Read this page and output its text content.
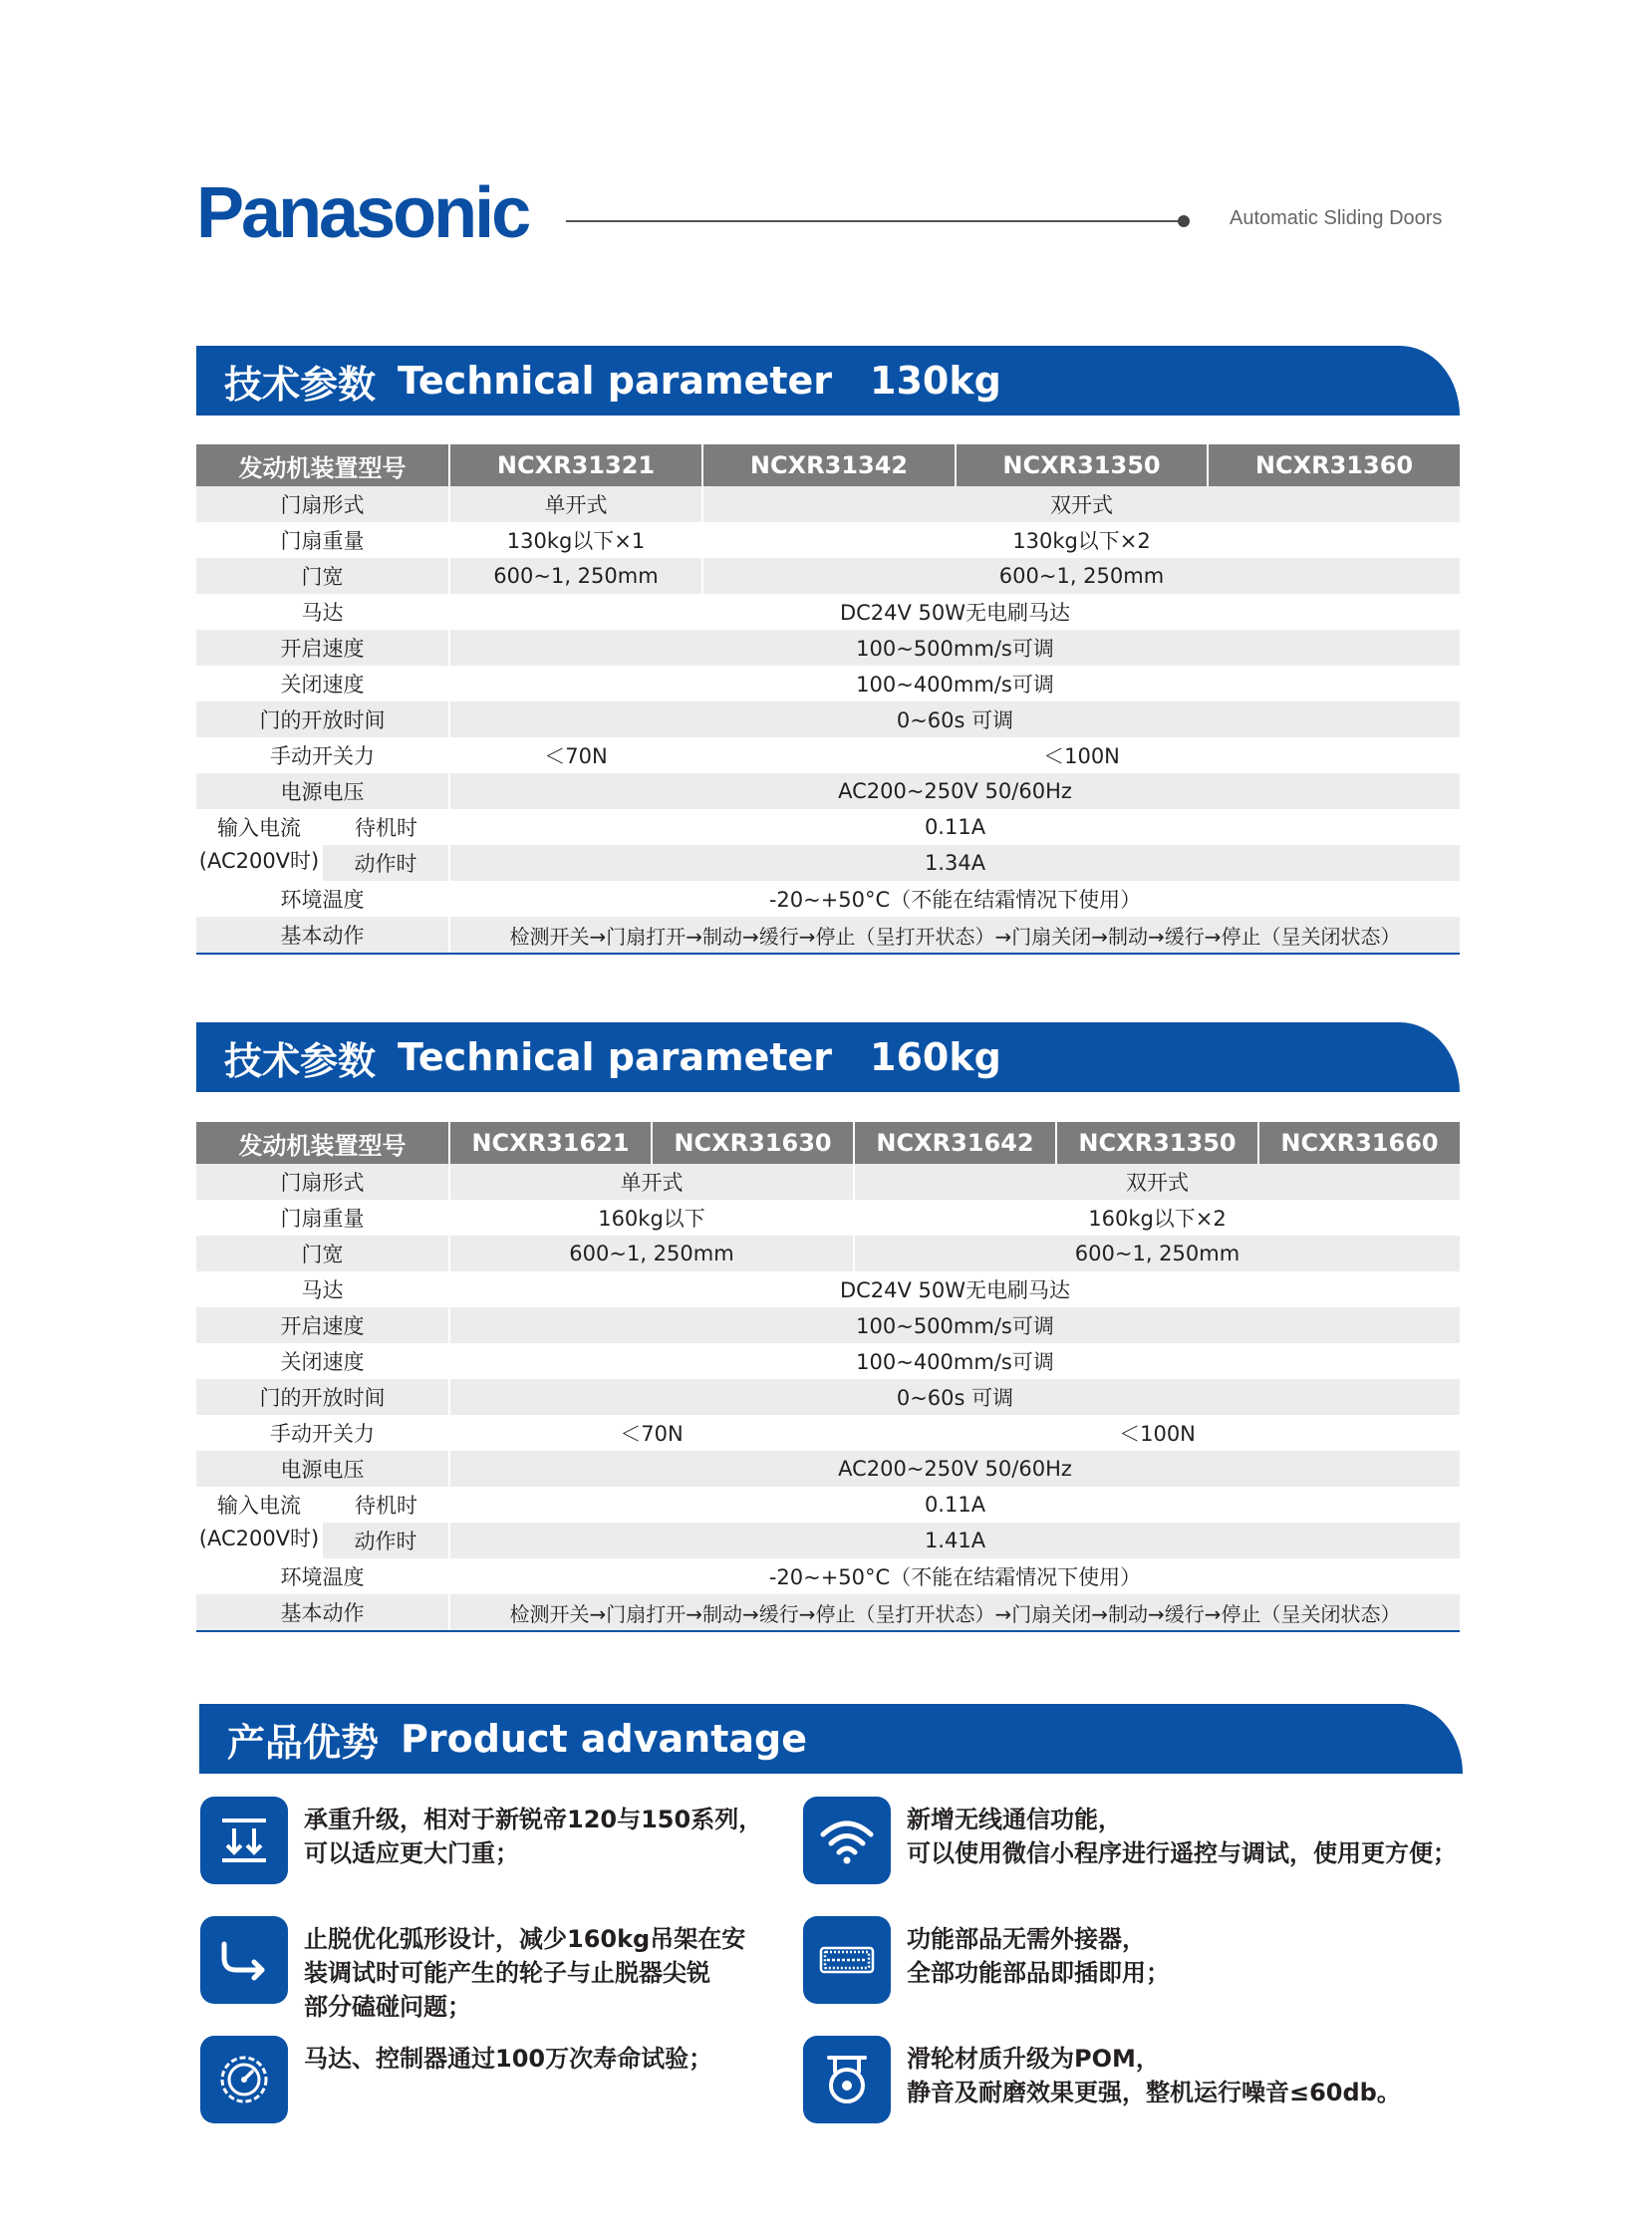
Panasonic	Automatic Sliding Doors
技术参数 Technical parameter 130kg
发动机装置型号		NCXR31321	NCXR31342	NCXR31350	NCXR31360
门扇形式		单开式	双开式		
门扇重量		130kg以下×1	130kg以下×2		
门宽		600~1, 250mm	600~1, 250mm		
马达		DC24V 50W无电刷马达			
开启速度		100~500mm/s可调			
关闭速度		100~400mm/s可调			
门的开放时间		0~60s 可调			
手动开关力		＜70N	＜100N		
电源电压		AC200~250V 50/60Hz			
输入电流
(AC200V时)	待机时	0.11A			
	动作时	1.34A			
环境温度		-20~+50°C（不能在结霜情况下使用）			
基本动作		检测开关→门扇打开→制动→缓行→停止（呈打开状态）→门扇关闭→制动→缓行→停止（呈关闭状态）			
技术参数 Technical parameter 160kg
发动机装置型号		NCXR31621	NCXR31630	NCXR31642	NCXR31350	NCXR31660
门扇形式		单开式		双开式		
门扇重量		160kg以下		160kg以下×2		
门宽		600~1, 250mm		600~1, 250mm		
马达		DC24V 50W无电刷马达				
开启速度		100~500mm/s可调				
关闭速度		100~400mm/s可调				
门的开放时间		0~60s 可调				
手动开关力		＜70N		＜100N		
电源电压		AC200~250V 50/60Hz				
输入电流
(AC200V时)	待机时	0.11A				
	动作时	1.41A				
环境温度		-20~+50°C（不能在结霜情况下使用）				
基本动作		检测开关→门扇打开→制动→缓行→停止（呈打开状态）→门扇关闭→制动→缓行→停止（呈关闭状态）				
产品优势 Product advantage
承重升级，相对于新锐帝120与150系列，
可以适应更大门重；
新增无线通信功能，
可以使用微信小程序进行遥控与调试，使用更方便；
止脱优化弧形设计，减少160kg吊架在安
装调试时可能产生的轮子与止脱器尖锐
部分磕碰问题；
功能部品无需外接器，
全部功能部品即插即用；
马达、控制器通过100万次寿命试验；	滑轮材质升级为POM，
静音及耐磨效果更强，整机运行噪音≤60db。
